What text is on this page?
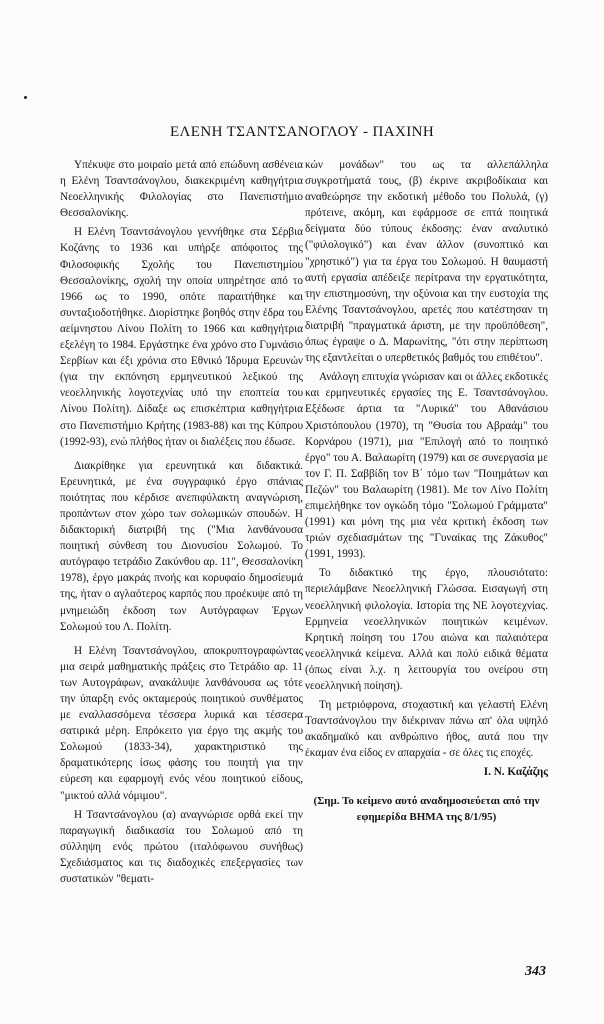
ΕΛΕΝΗ ΤΣΑΝΤΣΑΝΟΓΛΟΥ - ΠΑΧΙΝΗ

Υπέκυψε στο μοιραίο μετά από επώδυνη ασθένεια η Ελένη Τσαντσάνογλου, διακεκριμένη καθηγήτρια Νεοελληνικής Φιλολογίας στο Πανεπιστήμιο Θεσσαλονίκης.

Η Ελένη Τσαντσάνογλου γεννήθηκε στα Σέρβια Κοζάνης το 1936 και υπήρξε απόφοιτος της Φιλοσοφικής Σχολής του Πανεπιστημίου Θεσσαλονίκης, σχολή την οποία υπηρέτησε από το 1966 ως το 1990, οπότε παραιτήθηκε και συνταξιοδοτήθηκε. Διορίστηκε βοηθός στην έδρα του αείμνηστου Λίνου Πολίτη το 1966 και καθηγήτρια εξελέγη το 1984. Εργάστηκε ένα χρόνο στο Γυμνάσιο Σερβίων και έξι χρόνια στο Εθνικό Ίδρυμα Ερευνών (για την εκπόνηση ερμηνευτικού λεξικού της νεοελληνικής λογοτεχνίας υπό την εποπτεία του Λίνου Πολίτη). Δίδαξε ως επισκέπτρια καθηγήτρια στο Πανεπιστήμιο Κρήτης (1983-88) και της Κύπρου (1992-93), ενώ πλήθος ήταν οι διαλέξεις που έδωσε.

Διακρίθηκε για ερευνητικά και διδακτικά. Ερευνητικά, με ένα συγγραφικό έργο σπάνιας ποιότητας που κέρδισε ανεπιφύλακτη αναγνώριση, προπάντων στον χώρο των σολωμικών σπουδών. Η διδακτορική διατριβή της ("Μια λανθάνουσα ποιητική σύνθεση του Διονυσίου Σολωμού. Το αυτόγραφο τετράδιο Ζακύνθου αρ. 11", Θεσσαλονίκη 1978), έργο μακράς πνοής και κορυφαίο δημοσίευμά της, ήταν ο αγλαότερος καρπός που προέκυψε από τη μνημειώδη έκδοση των Αυτόγραφων Έργων Σολωμού του Λ. Πολίτη.

Η Ελένη Τσαντσάνογλου, αποκρυπτογραφώντας μια σειρά μαθηματικής πράξεις στο Τετράδιο αρ. 11 των Αυτογράφων, ανακάλυψε λανθάνουσα ως τότε την ύπαρξη ενός οκταμερούς ποιητικού συνθέματος με εναλλασσόμενα τέσσερα λυρικά και τέσσερα σατιρικά μέρη. Επρόκειτο για έργο της ακμής του Σολωμού (1833-34), χαρακτηριστικό της δραματικότερης ίσως φάσης του ποιητή για την εύρεση και εφαρμογή ενός νέου ποιητικού είδους, "μικτού αλλά νόμιμου".

Η Τσαντσάνογλου (α) αναγνώρισε ορθά εκεί την παραγωγική διαδικασία του Σολωμού από τη σύλληψη ενός πρώτου (ιταλόφωνου συνήθως) Σχεδιάσματος και τις διαδοχικές επεξεργασίες των συστατικών "θεματι-

κών μονάδων" του ως τα αλλεπάλληλα συγκροτήματά τους, (β) έκρινε ακριβοδίκαια και αναθεώρησε την εκδοτική μέθοδο του Πολυλά, (γ) πρότεινε, ακόμη, και εφάρμοσε σε επτά ποιητικά δείγματα δύο τύπους έκδοσης: έναν αναλυτικό ("φιλολογικό") και έναν άλλον (συνοπτικό και "χρηστικό") για τα έργα του Σολωμού. Η θαυμαστή αυτή εργασία απέδειξε περίτρανα την εργατικότητα, την επιστημοσύνη, την οξύνοια και την ευστοχία της Ελένης Τσαντσάνογλου, αρετές που κατέστησαν τη διατριβή "πραγματικά άριστη, με την προϋπόθεση", όπως έγραψε ο Δ. Μαρωνίτης, "ότι στην περίπτωση της εξαντλείται ο υπερθετικός βαθμός του επιθέτου".

Ανάλογη επιτυχία γνώρισαν και οι άλλες εκδοτικές και ερμηνευτικές εργασίες της Ε. Τσαντσάνογλου. Εξέδωσε άρτια τα "Λυρικά" του Αθανάσιου Χριστόπουλου (1970), τη "Θυσία του Αβραάμ" του Κορνάρου (1971), μια "Επιλογή από το ποιητικό έργο" του Α. Βαλαωρίτη (1979) και σε συνεργασία με τον Γ. Π. Σαββίδη τον Β΄ τόμο των "Ποιημάτων και Πεζών" του Βαλαωρίτη (1981). Με τον Λίνο Πολίτη επιμελήθηκε τον ογκώδη τόμο "Σολωμού Γράμματα" (1991) και μόνη της μια νέα κριτική έκδοση των τριών σχεδιασμάτων της "Γυναίκας της Ζάκυθος" (1991, 1993).

Το διδακτικό της έργο, πλουσιότατο: περιελάμβανε Νεοελληνική Γλώσσα. Εισαγωγή στη νεοελληνική φιλολογία. Ιστορία της ΝΕ λογοτεχνίας. Ερμηνεία νεοελληνικών ποιητικών κειμένων. Κρητική ποίηση του 17ου αιώνα και παλαιότερα νεοελληνικά κείμενα. Αλλά και πολύ ειδικά θέματα (όπως είναι λ.χ. η λειτουργία του ονείρου στη νεοελληνική ποίηση).

Τη μετριόφρονα, στοχαστική και γελαστή Ελένη Τσαντσάνογλου την διέκριναν πάνω απ' όλα υψηλό ακαδημαϊκό και ανθρώπινο ήθος, αυτά που την έκαμαν ένα είδος εν απαρχαία - σε όλες τις εποχές.

Ι. Ν. Καζάζης

(Σημ. Το κείμενο αυτό αναδημοσιεύεται από την εφημερίδα ΒΗΜΑ της 8/1/95)

343
